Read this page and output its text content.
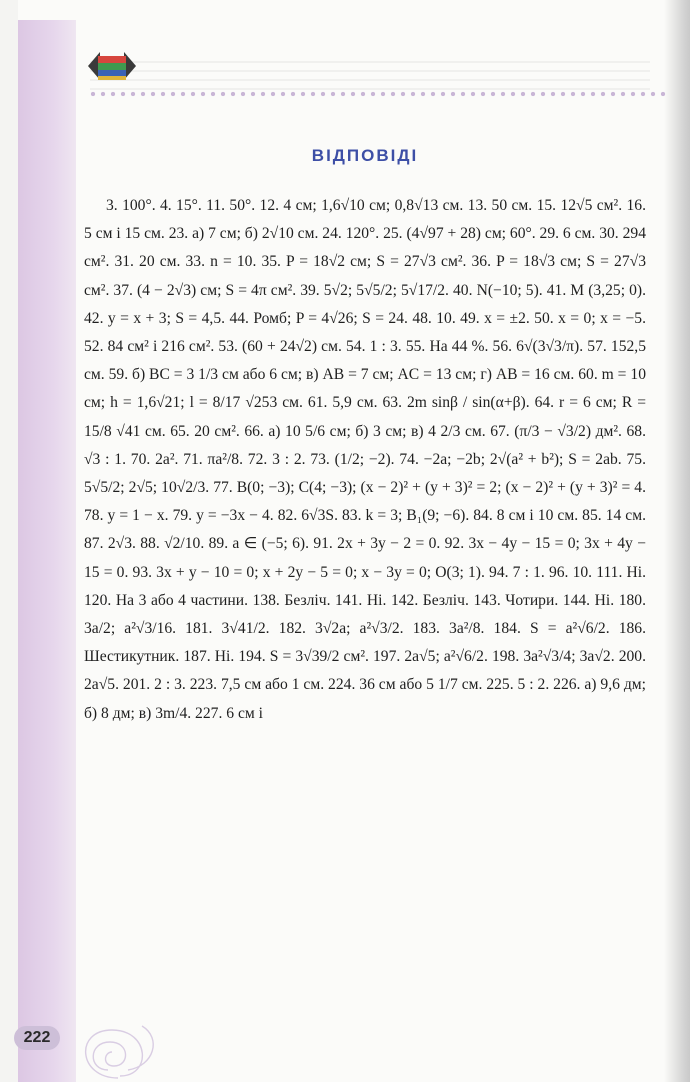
ВІДПОВІДІ

3. 100°. 4. 15°. 11. 50°. 12. 4 см; 1,6√10 см; 0,8√13 см. 13. 50 см. 15. 12√5 см². 16. 5 см і 15 см. 23. а) 7 см; б) 2√10 см. 24. 120°. 25. (4√97 + 28) см; 60°. 29. 6 см. 30. 294 см². 31. 20 см. 33. n = 10. 35. P = 18√2 см; S = 27√3 см². 36. P = 18√3 см; S = 27√3 см². 37. (4 − 2√3) см; S = 4π см². 39. 5√2; 5√5/2; 5√17/2. 40. N(−10; 5). 41. M (3,25; 0). 42. y = x + 3; S = 4,5. 44. Ромб; P = 4√26; S = 24. 48. 10. 49. x = ±2. 50. x = 0; x = −5. 52. 84 см² і 216 см². 53. (60 + 24√2) см. 54. 1 : 3. 55. На 44 %. 56. 6√(3√3/π). 57. 152,5 см. 59. б) BC = 3 1/3 см або 6 см; в) AB = 7 см; AC = 13 см; г) AB = 16 см. 60. m = 10 см; h = 1,6√21; l = 8/17 √253 см. 61. 5,9 см. 63. 2m sinβ / sin(α+β). 64. r = 6 см; R = 15/8 √41 см. 65. 20 см². 66. а) 10 5/6 см; б) 3 см; в) 4 2/3 см. 67. (π/3 − √3/2) дм². 68. √3 : 1. 70. 2a². 71. πa²/8. 72. 3 : 2. 73. (1/2; −2). 74. −2a; −2b; 2√(a² + b²); S = 2ab. 75. 5√5/2; 2√5; 10√2/3. 77. B(0; −3); C(4; −3); (x − 2)² + (y + 3)² = 2; (x − 2)² + (y + 3)² = 4. 78. y = 1 − x. 79. y = −3x − 4. 82. 6√3S. 83. k = 3; B₁(9; −6). 84. 8 см і 10 см. 85. 14 см. 87. 2√3. 88. √2/10. 89. a ∈ (−5; 6). 91. 2x + 3y − 2 = 0. 92. 3x − 4y − 15 = 0; 3x + 4y − 15 = 0. 93. 3x + y − 10 = 0; x + 2y − 5 = 0; x − 3y = 0; O(3; 1). 94. 7 : 1. 96. 10. 111. Ні. 120. На 3 або 4 частини. 138. Безліч. 141. Ні. 142. Безліч. 143. Чотири. 144. Ні. 180. 3a/2; a²√3/16. 181. 3√41/2. 182. 3√2a; a²√3/2. 183. 3a²/8. 184. S = a²√6/2. 186. Шестикутник. 187. Ні. 194. S = 3√39/2 см². 197. 2a√5; a²√6/2. 198. 3a²√3/4; 3a√2. 200. 2a√5. 201. 2 : 3. 223. 7,5 см або 1 см. 224. 36 см або 5 1/7 см. 225. 5 : 2. 226. а) 9,6 дм; б) 8 дм; в) 3m/4. 227. 6 см і

222
